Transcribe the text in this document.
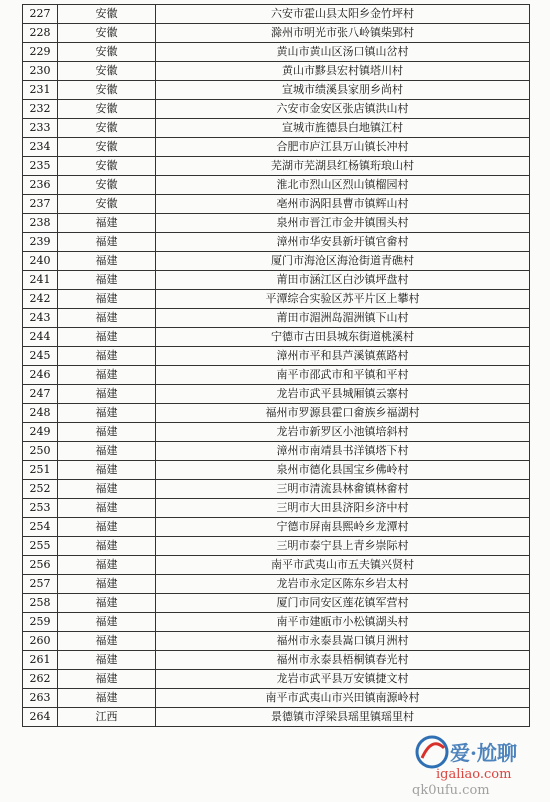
227	安徽	六安市霍山县太阳乡金竹坪村
228	安徽	滁州市明光市张八岭镇柴郢村
229	安徽	黄山市黄山区汤口镇山岔村
230	安徽	黄山市黟县宏村镇塔川村
231	安徽	宣城市绩溪县家朋乡尚村
232	安徽	六安市金安区张店镇洪山村
233	安徽	宣城市旌德县白地镇江村
234	安徽	合肥市庐江县万山镇长冲村
235	安徽	芜湖市芜湖县红杨镇珩琅山村
236	安徽	淮北市烈山区烈山镇榴园村
237	安徽	亳州市涡阳县曹市镇辉山村
238	福建	泉州市晋江市金井镇围头村
239	福建	漳州市华安县新圩镇官畲村
240	福建	厦门市海沧区海沧街道青礁村
241	福建	莆田市涵江区白沙镇坪盘村
242	福建	平潭综合实验区苏平片区上攀村
243	福建	莆田市湄洲岛湄洲镇下山村
244	福建	宁德市古田县城东街道桃溪村
245	福建	漳州市平和县芦溪镇蕉路村
246	福建	南平市邵武市和平镇和平村
247	福建	龙岩市武平县城厢镇云寨村
248	福建	福州市罗源县霍口畲族乡福湖村
249	福建	龙岩市新罗区小池镇培斜村
250	福建	漳州市南靖县书洋镇塔下村
251	福建	泉州市德化县国宝乡佛岭村
252	福建	三明市清流县林畲镇林畲村
253	福建	三明市大田县济阳乡济中村
254	福建	宁德市屏南县熙岭乡龙潭村
255	福建	三明市泰宁县上青乡崇际村
256	福建	南平市武夷山市五夫镇兴贤村
257	福建	龙岩市永定区陈东乡岩太村
258	福建	厦门市同安区莲花镇军营村
259	福建	南平市建瓯市小松镇湖头村
260	福建	福州市永泰县嵩口镇月洲村
261	福建	福州市永泰县梧桐镇春光村
262	福建	龙岩市武平县万安镇捷文村
263	福建	南平市武夷山市兴田镇南源岭村
264	江西	景德镇市浮梁县瑶里镇瑶里村
爱·尬聊
igaliao.com
qk0ufu.com
